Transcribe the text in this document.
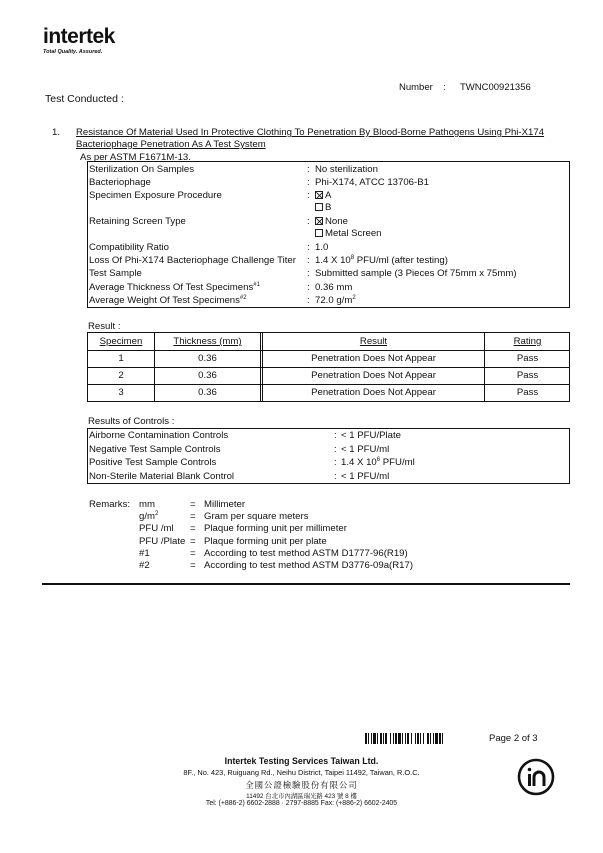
intertek
Total Quality. Assured.
Number : TWNC00921356
Test Conducted :
1. Resistance Of Material Used In Protective Clothing To Penetration By Blood-Borne Pathogens Using Phi-X174
Bacteriophage Penetration As A Test System
As per ASTM F1671M-13.
Sterilization On Samples	: No sterilization
Bacteriophage	: Phi-X174, ATCC 13706-B1
Specimen Exposure Procedure	:	A
B
Retaining Screen Type	:	None
Metal Screen
Compatibility Ratio	: 1.0
Loss Of Phi-X174 Bacteriophage Challenge Titer : 1.4 X $10^8$ PFU/ml (after testing)
Test Sample	: Submitted sample (3 Pieces Of 75mm x 75mm)
Average Thickness Of Test Specimens$^{\#1}$	: 0.36 mm
Average Weight Of Test Specimens$^{\#2}$	: 72.0 $g/m^2$
Result :
Specimen	Thickness (mm)	Result	Rating
1	0.36	Penetration Does Not Appear	Pass
2	0.36	Penetration Does Not Appear	Pass
3	0.36	Penetration Does Not Appear	Pass
Results of Controls :
Airborne Contamination Controls	: < 1 PFU/Plate
Negative Test Sample Controls	: < 1 PFU/ml
Positive Test Sample Controls	: 1.4 X $10^6$ PFU/ml
Non-Sterile Material Blank Control	: < 1 PFU/ml
Remarks: mm	= Millimeter
$g/m^2$	= Gram per square meters
PFU /ml = Plaque forming unit per millimeter
PFU /Plate = Plaque forming unit per plate
#1	= According to test method ASTM D1777-96(R19)
#2	= According to test method ASTM D3776-09a(R17)
Page 2 of 3
Intertek Testing Services Taiwan Ltd.
8F., No. 423, Ruiguang Rd., Neihu District, Taipei 11492, Taiwan, R.O.C.
全國公證檢驗股份有限公司
11492 台北市內湖區瑞光路 423 號 8 樓
Tel: (+886-2) 6602-2888 · 2797-8885 Fax: (+886-2) 6602-2405
